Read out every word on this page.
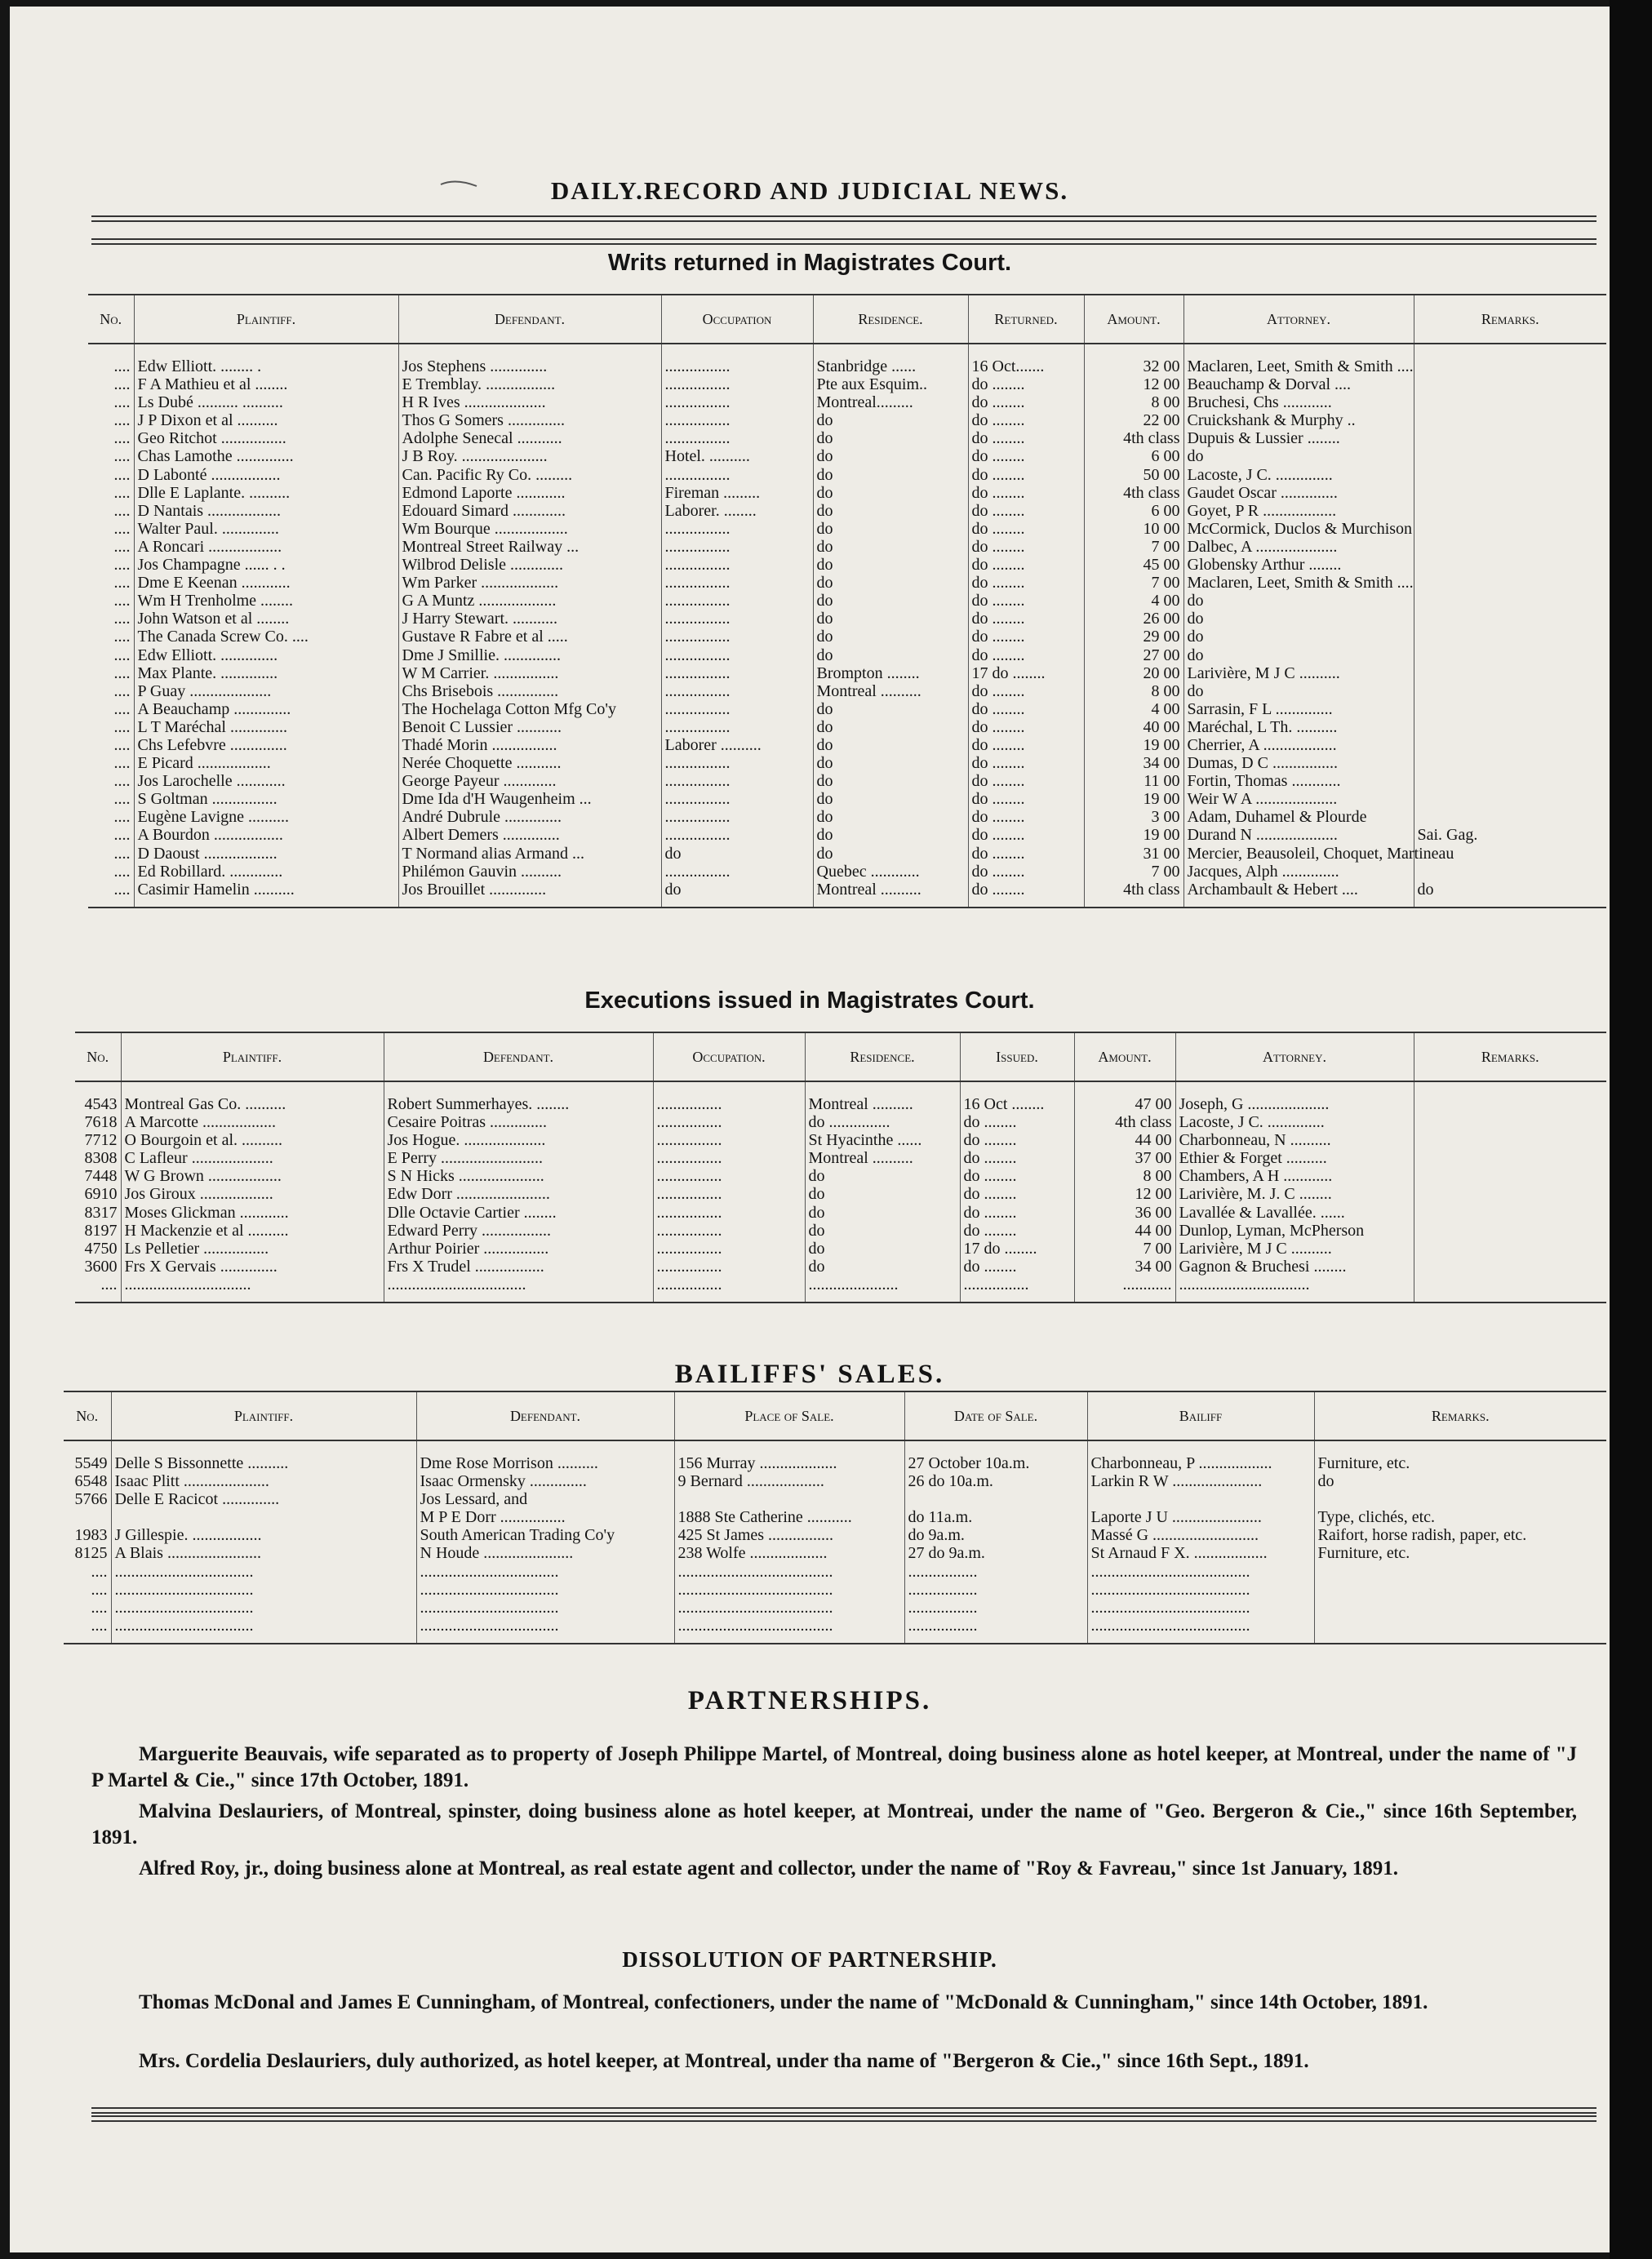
DAILY.RECORD AND JUDICIAL NEWS.
Writs returned in Magistrates Court.
No.	Plaintiff.	Defendant.	Occupation	Residence.	Returned.	Amount.	Attorney.	Remarks.
....	Edw Elliott. ........ .	Jos Stephens ..............	................	Stanbridge ......	16 Oct.......	32 00	Maclaren, Leet, Smith & Smith ....	
....	F A Mathieu et al ........	E Tremblay. .................	................	Pte aux Esquim..	do ........	12 00	Beauchamp & Dorval ....	
....	Ls Dubé .......... ..........	H R Ives ....................	................	Montreal.........	do ........	8 00	Bruchesi, Chs ............	
....	J P Dixon et al ..........	Thos G Somers ..............	................	do	do ........	22 00	Cruickshank & Murphy ..	
....	Geo Ritchot ................	Adolphe Senecal ...........	................	do	do ........	4th class	Dupuis & Lussier ........	
....	Chas Lamothe ..............	J B Roy. .....................	Hotel. ..........	do	do ........	6 00	do	
....	D Labonté .................	Can. Pacific Ry Co. .........	................	do	do ........	50 00	Lacoste, J C. ..............	
....	Dlle E Laplante. ..........	Edmond Laporte ............	Fireman .........	do	do ........	4th class	Gaudet Oscar ..............	
....	D Nantais ..................	Edouard Simard .............	Laborer. ........	do	do ........	6 00	Goyet, P R ..................	
....	Walter Paul. ..............	Wm Bourque ..................	................	do	do ........	10 00	McCormick, Duclos & Murchison	
....	A Roncari ..................	Montreal Street Railway ...	................	do	do ........	7 00	Dalbec, A ....................	
....	Jos Champagne ...... . .	Wilbrod Delisle .............	................	do	do ........	45 00	Globensky Arthur ........	
....	Dme E Keenan ............	Wm Parker ...................	................	do	do ........	7 00	Maclaren, Leet, Smith & Smith ....	
....	Wm H Trenholme ........	G A Muntz ...................	................	do	do ........	4 00	do	
....	John Watson et al ........	J Harry Stewart. ...........	................	do	do ........	26 00	do	
....	The Canada Screw Co. ....	Gustave R Fabre et al .....	................	do	do ........	29 00	do	
....	Edw Elliott. ..............	Dme J Smillie. ..............	................	do	do ........	27 00	do	
....	Max Plante. ..............	W M Carrier. ................	................	Brompton ........	17 do ........	20 00	Larivière, M J C ..........	
....	P Guay ....................	Chs Brisebois ...............	................	Montreal ..........	do ........	8 00	do	
....	A Beauchamp ..............	The Hochelaga Cotton Mfg Co'y	................	do	do ........	4 00	Sarrasin, F L ..............	
....	L T Maréchal ..............	Benoit C Lussier ...........	................	do	do ........	40 00	Maréchal, L Th. ..........	
....	Chs Lefebvre ..............	Thadé Morin ................	Laborer ..........	do	do ........	19 00	Cherrier, A ..................	
....	E Picard ..................	Nerée Choquette ...........	................	do	do ........	34 00	Dumas, D C ................	
....	Jos Larochelle ............	George Payeur .............	................	do	do ........	11 00	Fortin, Thomas ............	
....	S Goltman ................	Dme Ida d'H Waugenheim ...	................	do	do ........	19 00	Weir W A ....................	
....	Eugène Lavigne ..........	André Dubrule ..............	................	do	do ........	3 00	Adam, Duhamel & Plourde	
....	A Bourdon .................	Albert Demers ..............	................	do	do ........	19 00	Durand N ....................	Sai. Gag.
....	D Daoust ..................	T Normand alias Armand ...	do	do	do ........	31 00	Mercier, Beausoleil, Choquet, Martineau	
....	Ed Robillard. .............	Philémon Gauvin ..........	................	Quebec ............	do ........	7 00	Jacques, Alph ..............	
....	Casimir Hamelin ..........	Jos Brouillet ..............	do	Montreal ..........	do ........	4th class	Archambault & Hebert ....	do
Executions issued in Magistrates Court.
No.	Plaintiff.	Defendant.	Occupation.	Residence.	Issued.	Amount.	Attorney.	Remarks.
4543	Montreal Gas Co. ..........	Robert Summerhayes. ........	................	Montreal ..........	16 Oct ........	47 00	Joseph, G ....................	
7618	A Marcotte ..................	Cesaire Poitras ..............	................	do ...............	do ........	4th class	Lacoste, J C. ..............	
7712	O Bourgoin et al. ..........	Jos Hogue. ....................	................	St Hyacinthe ......	do ........	44 00	Charbonneau, N ..........	
8308	C Lafleur ....................	E Perry .........................	................	Montreal ..........	do ........	37 00	Ethier & Forget ..........	
7448	W G Brown ..................	S N Hicks .....................	................	do	do ........	8 00	Chambers, A H ............	
6910	Jos Giroux ..................	Edw Dorr .......................	................	do	do ........	12 00	Larivière, M. J. C ........	
8317	Moses Glickman ............	Dlle Octavie Cartier ........	................	do	do ........	36 00	Lavallée & Lavallée. ......	
8197	H Mackenzie et al ..........	Edward Perry .................	................	do	do ........	44 00	Dunlop, Lyman, McPherson	
4750	Ls Pelletier ................	Arthur Poirier ................	................	do	17 do ........	7 00	Larivière, M J C ..........	
3600	Frs X Gervais ..............	Frs X Trudel .................	................	do	do ........	34 00	Gagnon & Bruchesi ........	
....	...............................	..................................	................	......................	................	............	................................	
BAILIFFS' SALES.
No.	Plaintiff.	Defendant.	Place of Sale.	Date of Sale.	Bailiff	Remarks.
5549	Delle S Bissonnette ..........	Dme Rose Morrison ..........	156 Murray ...................	27 October 10a.m.	Charbonneau, P ..................	Furniture, etc.
6548	Isaac Plitt .....................	Isaac Ormensky ..............	9 Bernard ...................	26 do 10a.m.	Larkin R W ......................	do
5766	Delle E Racicot ..............	Jos Lessard, and				
		M P E Dorr ................	1888 Ste Catherine ...........	do 11a.m.	Laporte J U ......................	Type, clichés, etc.
1983	J Gillespie. .................	South American Trading Co'y	425 St James ................	do 9a.m.	Massé G ..........................	Raifort, horse radish, paper, etc.
8125	A Blais .......................	N Houde ......................	238 Wolfe ...................	27 do 9a.m.	St Arnaud F X. ..................	Furniture, etc.
....	..................................	..................................	......................................	.................	.......................................	
....	..................................	..................................	......................................	.................	.......................................	
....	..................................	..................................	......................................	.................	.......................................	
....	..................................	..................................	......................................	.................	.......................................	
PARTNERSHIPS.
Marguerite Beauvais, wife separated as to property of Joseph Philippe Martel, of Montreal, doing business alone as hotel keeper, at Montreal, under the name of "J P Martel & Cie.," since 17th October, 1891.
Malvina Deslauriers, of Montreal, spinster, doing business alone as hotel keeper, at Montreai, under the name of "Geo. Bergeron & Cie.," since 16th September, 1891.
Alfred Roy, jr., doing business alone at Montreal, as real estate agent and collector, under the name of "Roy & Favreau," since 1st January, 1891.
DISSOLUTION OF PARTNERSHIP.
Thomas McDonal and James E Cunningham, of Montreal, confectioners, under the name of "McDonald & Cunningham," since 14th October, 1891.
Mrs. Cordelia Deslauriers, duly authorized, as hotel keeper, at Montreal, under tha name of "Bergeron & Cie.," since 16th Sept., 1891.
